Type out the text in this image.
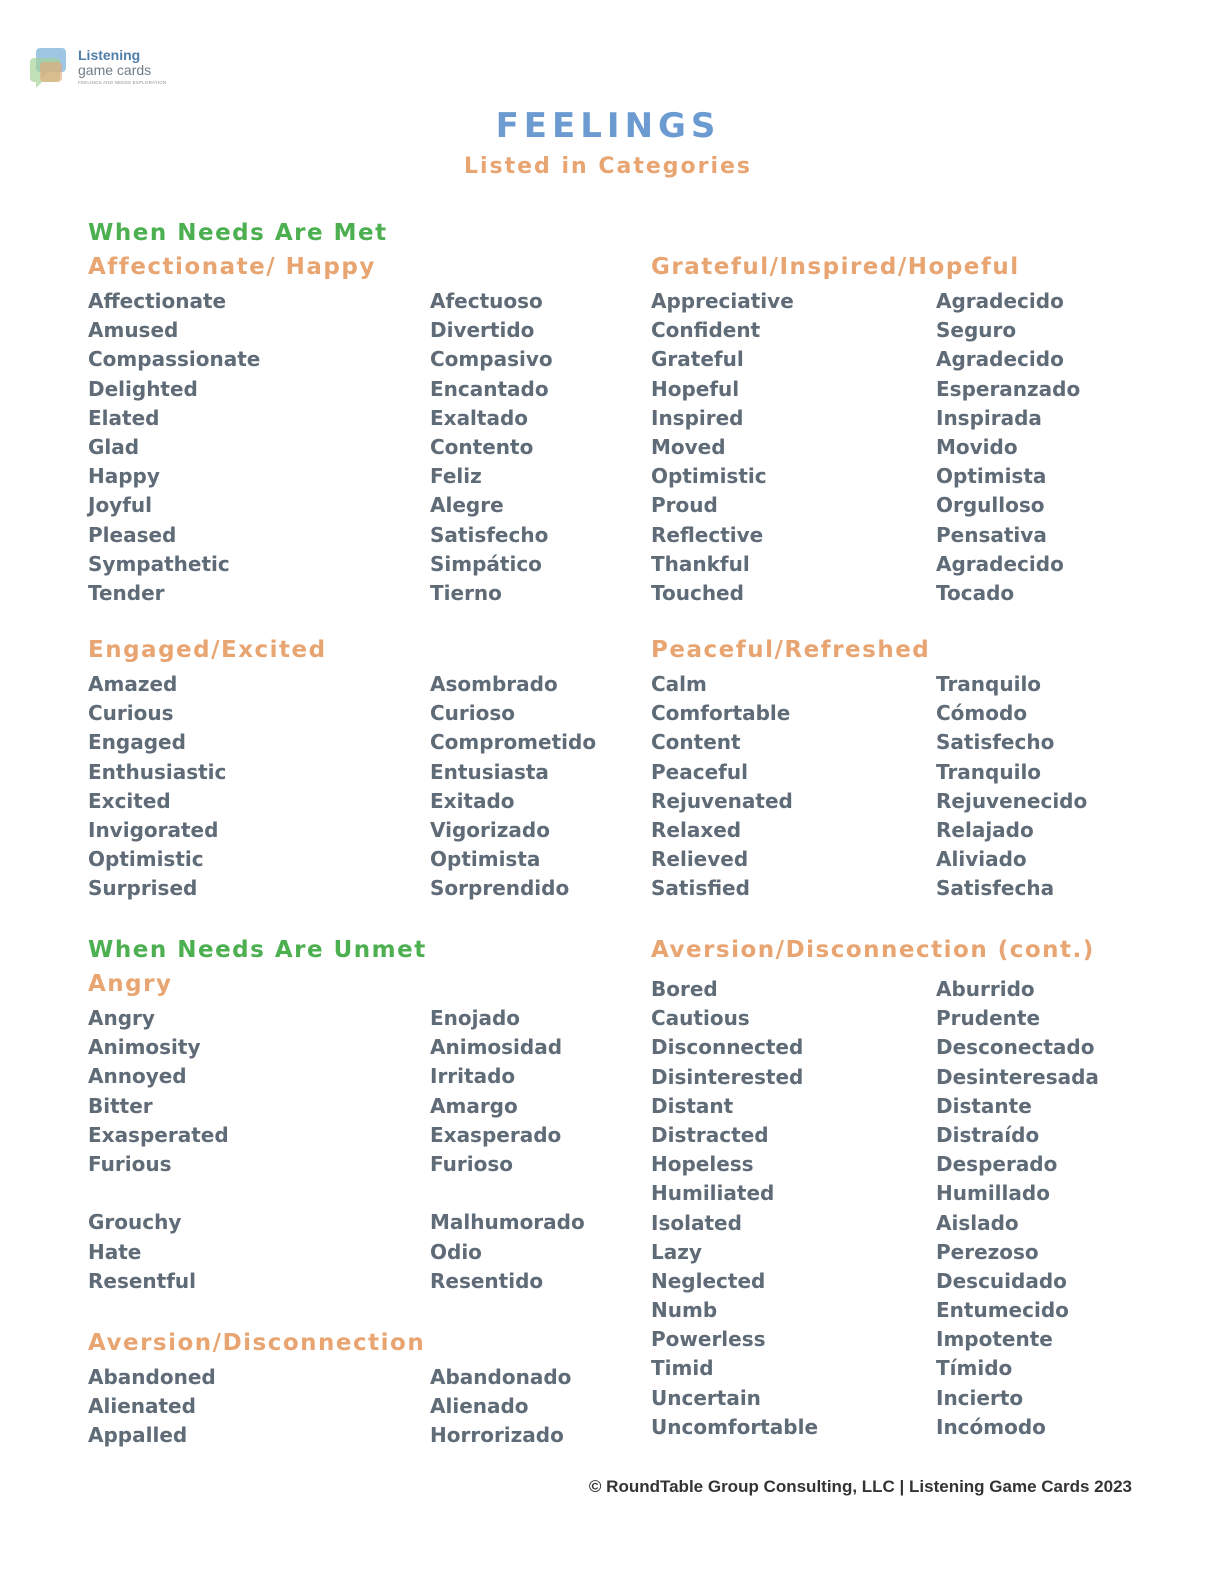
Listening
game cards
FEELINGS AND NEEDS EXPLORATION
FEELINGS
Listed in Categories
When Needs Are Met
When Needs Are Unmet
Affectionate/ Happy	Grateful/Inspired/Hopeful
Engaged/Excited	Peaceful/Refreshed
Angry
Aversion/Disconnection (cont.)
Aversion/Disconnection
Affectionate	Afectuoso
Amused	Divertido
Compassionate	Compasivo
Delighted	Encantado
Elated	Exaltado
Glad	Contento
Happy	Feliz
Joyful	Alegre
Pleased	Satisfecho
Sympathetic	Simpático
Tender	Tierno
Appreciative	Agradecido
Confident	Seguro
Grateful	Agradecido
Hopeful	Esperanzado
Inspired	Inspirada
Moved	Movido
Optimistic	Optimista
Proud	Orgulloso
Reflective	Pensativa
Thankful	Agradecido
Touched	Tocado
Amazed	Asombrado
Curious	Curioso
Engaged	Comprometido
Enthusiastic	Entusiasta
Excited	Exitado
Invigorated	Vigorizado
Optimistic	Optimista
Surprised	Sorprendido
Calm	Tranquilo
Comfortable	Cómodo
Content	Satisfecho
Peaceful	Tranquilo
Rejuvenated	Rejuvenecido
Relaxed	Relajado
Relieved	Aliviado
Satisfied	Satisfecha
Angry	Enojado
Animosity	Animosidad
Annoyed	Irritado
Bitter	Amargo
Exasperated	Exasperado
Furious	Furioso
Grouchy	Malhumorado
Hate	Odio
Resentful	Resentido
Bored	Aburrido
Cautious	Prudente
Disconnected	Desconectado
Disinterested	Desinteresada
Distant	Distante
Distracted	Distraído
Hopeless	Desperado
Humiliated	Humillado
Isolated	Aislado
Lazy	Perezoso
Neglected	Descuidado
Numb	Entumecido
Powerless	Impotente
Timid	Tímido
Uncertain	Incierto
Uncomfortable	Incómodo
Abandoned	Abandonado
Alienated	Alienado
Appalled	Horrorizado
© RoundTable Group Consulting, LLC | Listening Game Cards 2023
